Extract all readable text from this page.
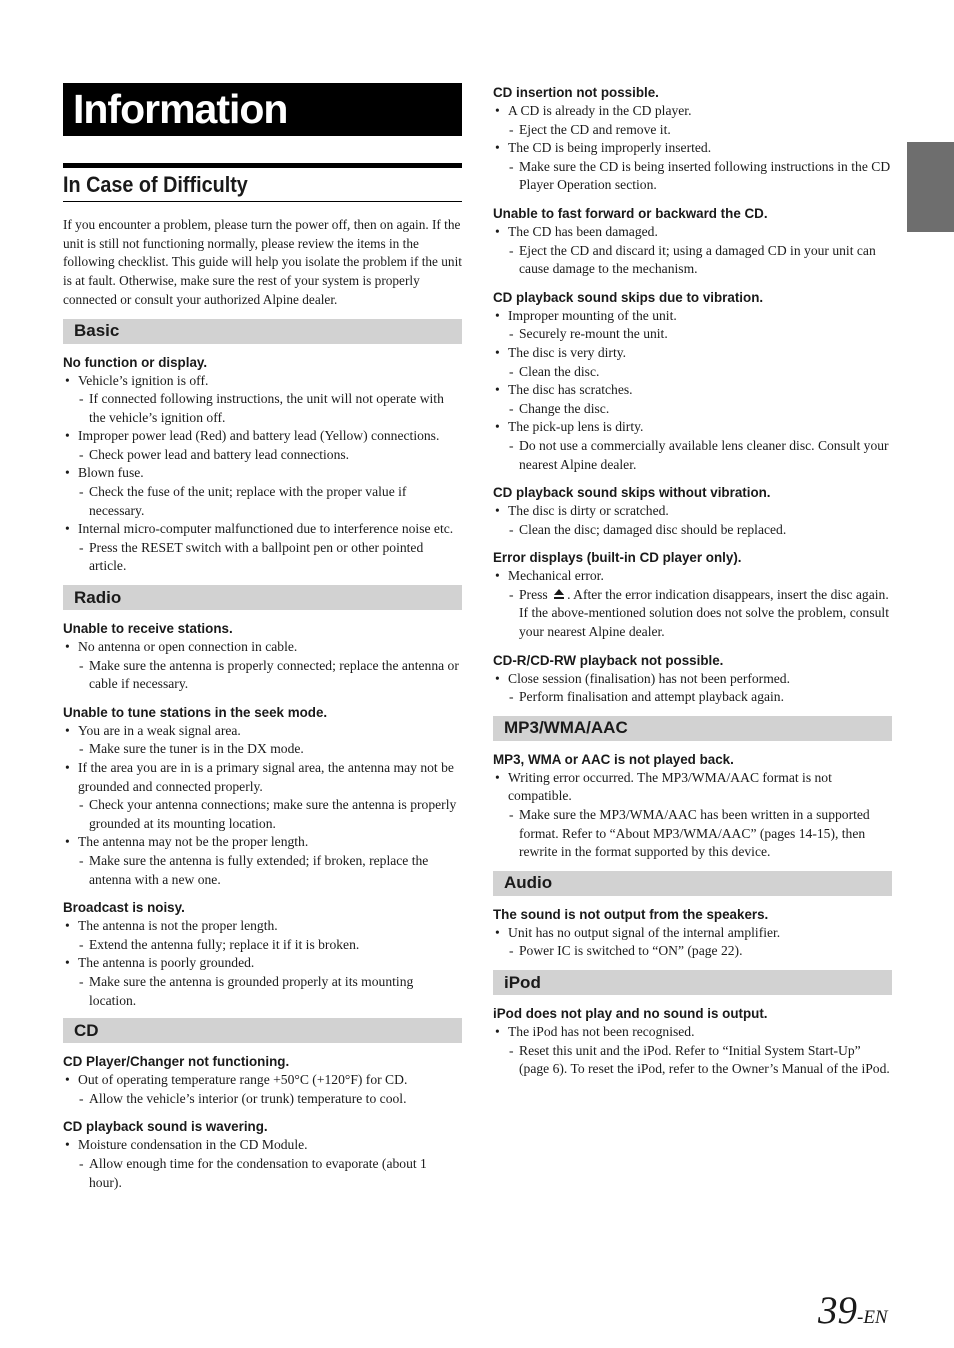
Information
In Case of Difficulty
If you encounter a problem, please turn the power off, then on again. If the unit is still not functioning normally, please review the items in the following checklist. This guide will help you isolate the problem if the unit is at fault. Otherwise, make sure the rest of your system is properly connected or consult your authorized Alpine dealer.
Basic
No function or display.
• Vehicle’s ignition is off.
- If connected following instructions, the unit will not operate with the vehicle’s ignition off.
• Improper power lead (Red) and battery lead (Yellow) connections.
- Check power lead and battery lead connections.
• Blown fuse.
- Check the fuse of the unit; replace with the proper value if necessary.
• Internal micro-computer malfunctioned due to interference noise etc.
- Press the RESET switch with a ballpoint pen or other pointed article.
Radio
Unable to receive stations.
• No antenna or open connection in cable.
- Make sure the antenna is properly connected; replace the antenna or cable if necessary.
Unable to tune stations in the seek mode.
• You are in a weak signal area.
- Make sure the tuner is in the DX mode.
• If the area you are in is a primary signal area, the antenna may not be grounded and connected properly.
- Check your antenna connections; make sure the antenna is properly grounded at its mounting location.
• The antenna may not be the proper length.
- Make sure the antenna is fully extended; if broken, replace the antenna with a new one.
Broadcast is noisy.
• The antenna is not the proper length.
- Extend the antenna fully; replace it if it is broken.
• The antenna is poorly grounded.
- Make sure the antenna is grounded properly at its mounting location.
CD
CD Player/Changer not functioning.
• Out of operating temperature range +50°C (+120°F) for CD.
- Allow the vehicle’s interior (or trunk) temperature to cool.
CD playback sound is wavering.
• Moisture condensation in the CD Module.
- Allow enough time for the condensation to evaporate (about 1 hour).
CD insertion not possible.
• A CD is already in the CD player.
- Eject the CD and remove it.
• The CD is being improperly inserted.
- Make sure the CD is being inserted following instructions in the CD Player Operation section.
Unable to fast forward or backward the CD.
• The CD has been damaged.
- Eject the CD and discard it; using a damaged CD in your unit can cause damage to the mechanism.
CD playback sound skips due to vibration.
• Improper mounting of the unit.
- Securely re-mount the unit.
• The disc is very dirty.
- Clean the disc.
• The disc has scratches.
- Change the disc.
• The pick-up lens is dirty.
- Do not use a commercially available lens cleaner disc. Consult your nearest Alpine dealer.
CD playback sound skips without vibration.
• The disc is dirty or scratched.
- Clean the disc; damaged disc should be replaced.
Error displays (built-in CD player only).
• Mechanical error.
- Press . After the error indication disappears, insert the disc again. If the above-mentioned solution does not solve the problem, consult your nearest Alpine dealer.
CD-R/CD-RW playback not possible.
• Close session (finalisation) has not been performed.
- Perform finalisation and attempt playback again.
MP3/WMA/AAC
MP3, WMA or AAC is not played back.
• Writing error occurred. The MP3/WMA/AAC format is not compatible.
- Make sure the MP3/WMA/AAC has been written in a supported format. Refer to “About MP3/WMA/AAC” (pages 14-15), then rewrite in the format supported by this device.
Audio
The sound is not output from the speakers.
• Unit has no output signal of the internal amplifier.
- Power IC is switched to “ON” (page 22).
iPod
iPod does not play and no sound is output.
• The iPod has not been recognised.
- Reset this unit and the iPod. Refer to “Initial System Start-Up” (page 6). To reset the iPod, refer to the Owner’s Manual of the iPod.
39-EN
